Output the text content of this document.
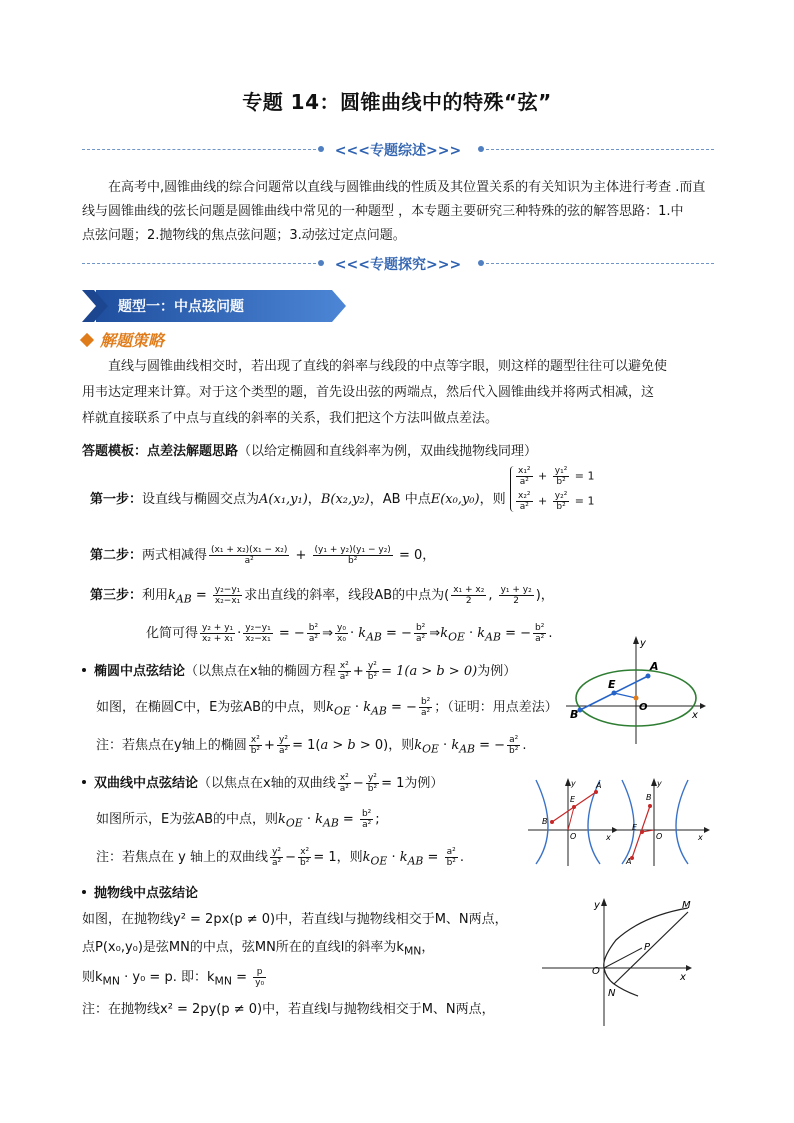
专题 14：圆锥曲线中的特殊“弦”
<<<专题综述>>>
在高考中,圆锥曲线的综合问题常以直线与圆锥曲线的性质及其位置关系的有关知识为主体进行考查 .而直
线与圆锥曲线的弦长问题是圆锥曲线中常见的一种题型 ，本专题主要研究三种特殊的弦的解答思路：1.中
点弦问题；2.抛物线的焦点弦问题；3.动弦过定点问题。
<<<专题探究>>>
题型一：中点弦问题
解题策略
直线与圆锥曲线相交时，若出现了直线的斜率与线段的中点等字眼，则这样的题型往往可以避免使
用韦达定理来计算。对于这个类型的题，首先设出弦的两端点，然后代入圆锥曲线并将两式相减，这
样就直接联系了中点与直线的斜率的关系，我们把这个方法叫做点差法。
答题模板：点差法解题思路（以给定椭圆和直线斜率为例，双曲线抛物线同理）
第一步：设直线与椭圆交点为A(x₁,y₁)，B(x₂,y₂)，AB 中点E(x₀,y₀)，则
$\frac{\text{x₁²}}{\text{a²}} + \frac{\text{y₁²}}{\text{b²}} = 1$
$\frac{\text{x₂²}}{\text{a²}} + \frac{\text{y₂²}}{\text{b²}} = 1$
第二步：两式相减得 $\frac{\text{(x₁ + x₂)(x₁ − x₂)}}{\text{a²}} + \frac{\text{(y₁ + y₂)(y₁ − y₂)}}{\text{b²}} = 0$，
第三步：利用$k_{AB} = \frac{\text{y₂−y₁}}{\text{x₂−x₁}}$ 求出直线的斜率，线段AB的中点为( $\frac{\text{x₁ + x₂}}{2}$ , $\frac{\text{y₁ + y₂}}{2}$ )，
化简可得 $\frac{\text{y₂ + y₁}}{\text{x₂ + x₁}} \cdot \frac{\text{y₂−y₁}}{\text{x₂−x₁}}$ = − $\frac{\text{b²}}{\text{a²}}$ ⇒ $\frac{\text{y₀}}{\text{x₀}} \cdot k_{AB}$ = − $\frac{\text{b²}}{\text{a²}}$ $\Rightarrow k_{OE} \cdot k_{AB}$ = − $\frac{\text{b²}}{\text{a²}}$ .
椭圆中点弦结论（以焦点在x轴的椭圆方程 $\frac{\text{x²}}{\text{a²}} + \frac{\text{y²}}{\text{b²}} = 1(a > b > 0)$为例）
如图，在椭圆C中，E为弦AB的中点，则$k_{OE} \cdot k_{AB}$ = − $\frac{\text{b²}}{\text{a²}}$ ；（证明：用点差法）
注：若焦点在y轴上的椭圆 $\frac{\text{x²}}{\text{b²}} + \frac{\text{y²}}{\text{a²}} = 1(a > b > 0)$，则$k_{OE} \cdot k_{AB}$ = − $\frac{\text{a²}}{\text{b²}}$ .
A
B
E
O
x
y
双曲线中点弦结论（以焦点在x轴的双曲线 $\frac{\text{x²}}{\text{a²}} - \frac{\text{y²}}{\text{b²}} = 1$为例）
如图所示，E为弦AB的中点，则$k_{OE} \cdot k_{AB} = \frac{\text{b²}}{\text{a²}}$ ;
注：若焦点在 y 轴上的双曲线 $\frac{\text{y²}}{\text{a²}} - \frac{\text{x²}}{\text{b²}} = 1$，则$k_{OE} \cdot k_{AB} = \frac{\text{a²}}{\text{b²}}$ .
A
B
E
O	x
y
B
A
E
O	x
y
抛物线中点弦结论
如图，在抛物线y² = 2px(p ≠ 0)中，若直线l与抛物线相交于M、N两点，
点P(x₀,y₀)是弦MN的中点，弦MN所在的直线l的斜率为$k_{MN}$，
则$k_{MN} \cdot y_0 = p$. 即：$k_{MN} = \frac{p}{\text{y₀}}$
注：在抛物线x² = 2py(p ≠ 0)中，若直线l与抛物线相交于M、N两点，
M
N
P
O
x
y
